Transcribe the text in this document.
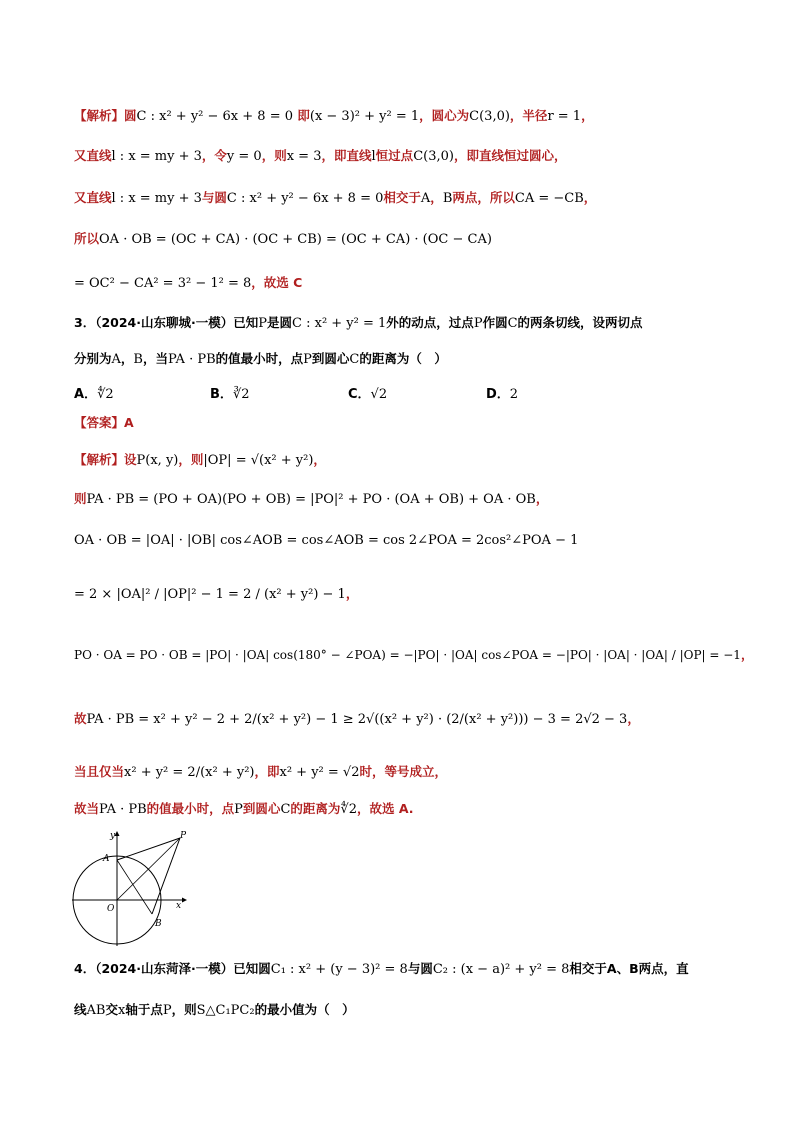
【解析】圆C : x² + y² − 6x + 8 = 0 即(x − 3)² + y² = 1，圆心为C(3,0)，半径r = 1，
又直线l : x = my + 3，令y = 0，则x = 3，即直线l恒过点C(3,0)，即直线恒过圆心，
又直线l : x = my + 3与圆C : x² + y² − 6x + 8 = 0相交于A，B两点，所以CA = −CB，
所以OA · OB = (OC + CA) · (OC + CB) = (OC + CA) · (OC − CA)
= OC² − CA² = 3² − 1² = 8，故选 C
3．（2024·山东聊城·一模）已知P是圆C : x² + y² = 1外的动点，过点P作圆C的两条切线，设两切点
分别为A，B，当PA · PB的值最小时，点P到圆心C的距离为（　）
A．∜2	B．∛2	C．√2	D．2
【答案】A
【解析】设P(x, y)，则|OP| = √(x² + y²)，
则PA · PB = (PO + OA)(PO + OB) = |PO|² + PO · (OA + OB) + OA · OB，
OA · OB = |OA| · |OB| cos∠AOB = cos∠AOB = cos 2∠POA = 2cos²∠POA − 1
= 2 × |OA|² / |OP|² − 1 = 2 / (x² + y²) − 1，
PO · OA = PO · OB = |PO| · |OA| cos(180° − ∠POA) = −|PO| · |OA| cos∠POA = −|PO| · |OA| · |OA| / |OP| = −1，
故PA · PB = x² + y² − 2 + 2/(x² + y²) − 1 ≥ 2√((x² + y²) · (2/(x² + y²))) − 3 = 2√2 − 3，
当且仅当x² + y² = 2/(x² + y²)，即x² + y² = √2时，等号成立，
故当PA · PB的值最小时，点P到圆心C的距离为∜2，故选 A.
y
x
O
A
B
P
4．（2024·山东菏泽·一模）已知圆C₁ : x² + (y − 3)² = 8与圆C₂ : (x − a)² + y² = 8相交于A、B两点，直
线AB交x轴于点P，则S△C₁PC₂的最小值为（　）
